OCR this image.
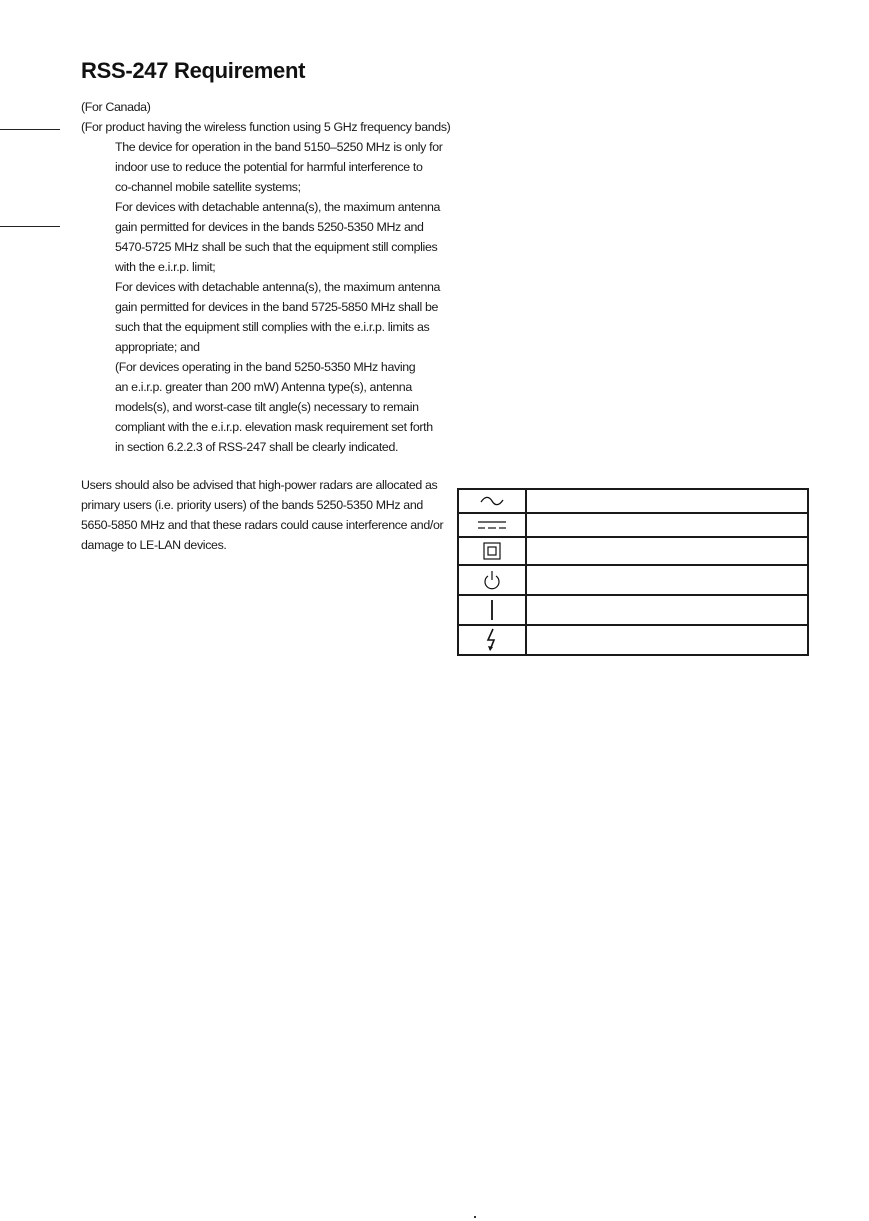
RSS-247 Requirement
(For Canada)
(For product having the wireless function using 5 GHz frequency bands)
The device for operation in the band 5150–5250 MHz is only for
indoor use to reduce the potential for harmful interference to
co-channel mobile satellite systems;
For devices with detachable antenna(s), the maximum antenna
gain permitted for devices in the bands 5250-5350 MHz and
5470-5725 MHz shall be such that the equipment still complies
with the e.i.r.p. limit;
For devices with detachable antenna(s), the maximum antenna
gain permitted for devices in the band 5725-5850 MHz shall be
such that the equipment still complies with the e.i.r.p. limits as
appropriate; and
(For devices operating in the band 5250-5350 MHz having
an e.i.r.p. greater than 200 mW) Antenna type(s), antenna
models(s), and worst-case tilt angle(s) necessary to remain
compliant with the e.i.r.p. elevation mask requirement set forth
in section 6.2.2.3 of RSS-247 shall be clearly indicated.
Users should also be advised that high-power radars are allocated as
primary users (i.e. priority users) of the bands 5250-5350 MHz and
5650-5850 MHz and that these radars could cause interference and/or
damage to LE-LAN devices.
